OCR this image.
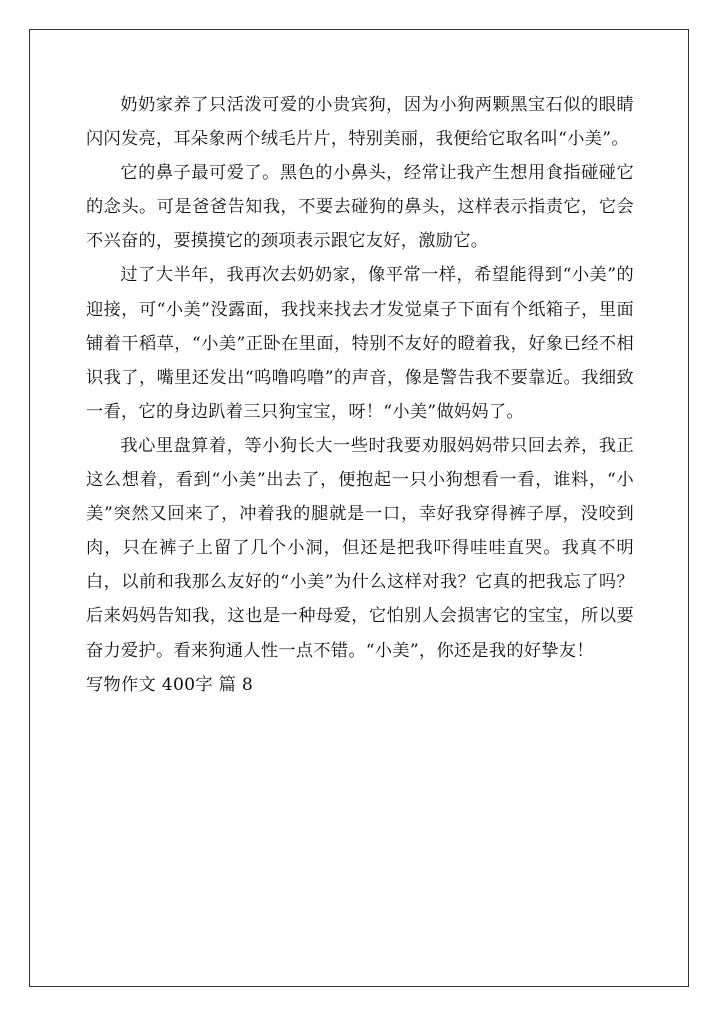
奶奶家养了只活泼可爱的小贵宾狗，因为小狗两颗黑宝石似的眼睛闪闪发亮，耳朵象两个绒毛片片，特别美丽，我便给它取名叫“小美”。

它的鼻子最可爱了。黑色的小鼻头，经常让我产生想用食指碰碰它的念头。可是爸爸告知我，不要去碰狗的鼻头，这样表示指责它，它会不兴奋的，要摸摸它的颈项表示跟它友好，激励它。

过了大半年，我再次去奶奶家，像平常一样，希望能得到“小美”的迎接，可“小美”没露面，我找来找去才发觉桌子下面有个纸箱子，里面铺着干稻草，“小美”正卧在里面，特别不友好的瞪着我，好象已经不相识我了，嘴里还发出“呜噜呜噜”的声音，像是警告我不要靠近。我细致一看，它的身边趴着三只狗宝宝，呀！“小美”做妈妈了。

我心里盘算着，等小狗长大一些时我要劝服妈妈带只回去养，我正这么想着，看到“小美”出去了，便抱起一只小狗想看一看，谁料，“小美”突然又回来了，冲着我的腿就是一口，幸好我穿得裤子厚，没咬到肉，只在裤子上留了几个小洞，但还是把我吓得哇哇直哭。我真不明白，以前和我那么友好的“小美”为什么这样对我？它真的把我忘了吗？后来妈妈告知我，这也是一种母爱，它怕别人会损害它的宝宝，所以要奋力爱护。看来狗通人性一点不错。“小美”，你还是我的好挚友！

写物作文 400字 篇 8
